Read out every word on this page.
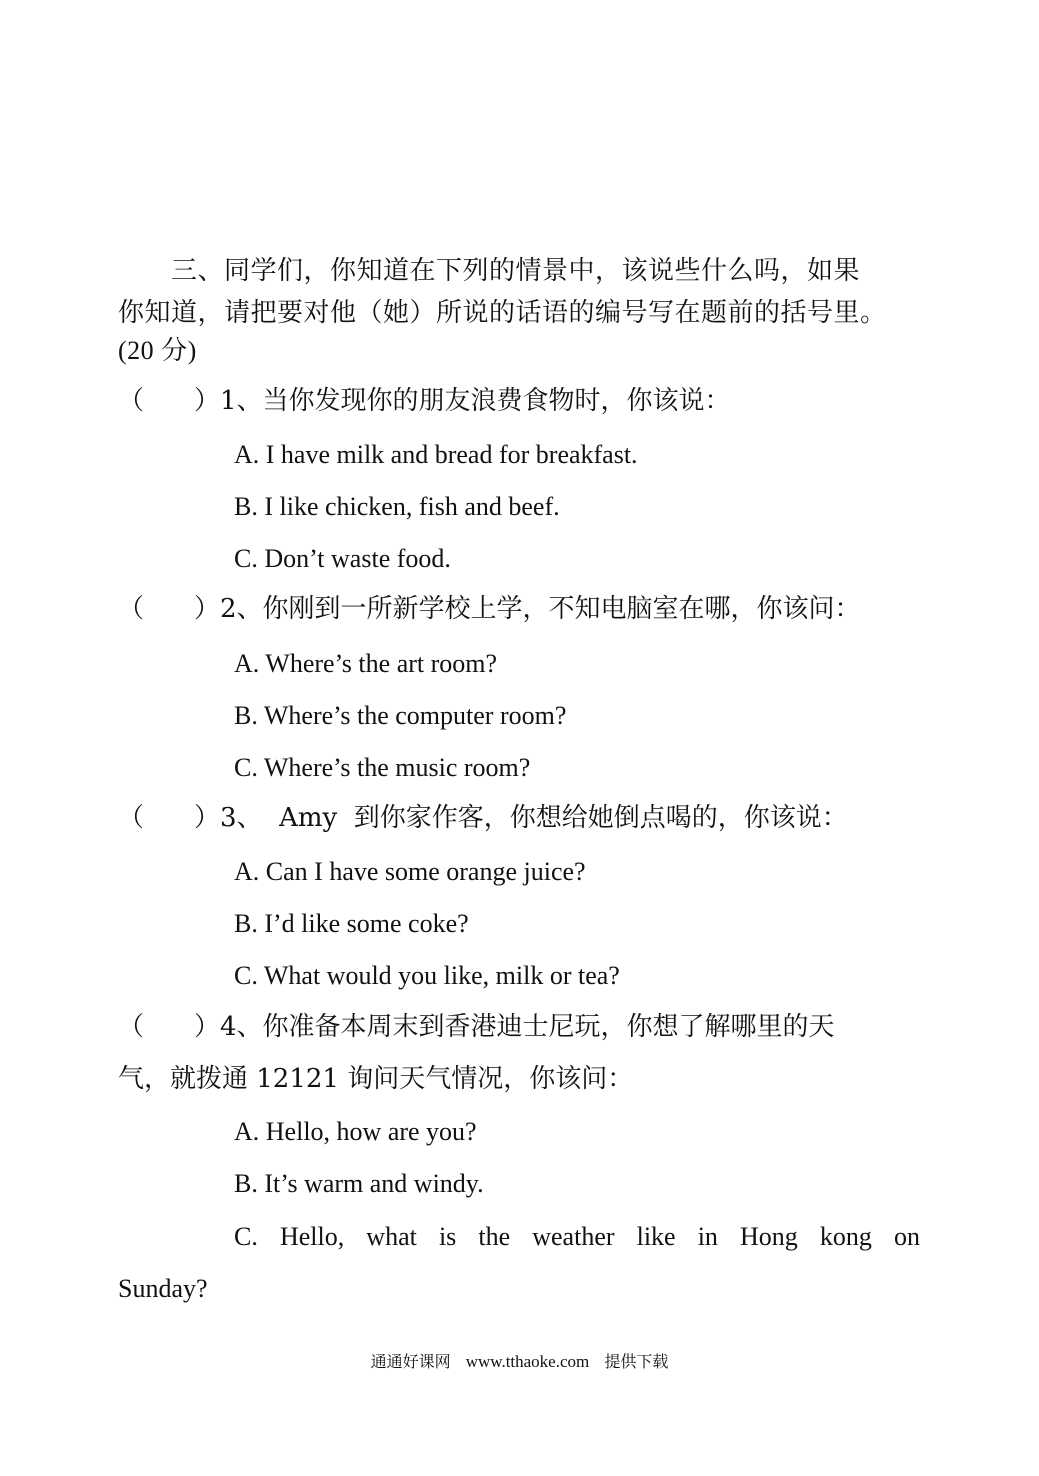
　　三、同学们，你知道在下列的情景中，该说些什么吗，如果
你知道，请把要对他（她）所说的话语的编号写在题前的括号里。
(20 分)
（ ）1、当你发现你的朋友浪费食物时，你该说：
A. I have milk and bread for breakfast.
B. I like chicken, fish and beef.
C. Don’t waste food.
（ ）2、你刚到一所新学校上学，不知电脑室在哪，你该问：
A. Where’s the art room?
B. Where’s the computer room?
C. Where’s the music room?
（ ）3、  Amy  到你家作客，你想给她倒点喝的，你该说：
A. Can I have some orange juice?
B. I’d like some coke?
C. What would you like, milk or tea?
（ ）4、你准备本周末到香港迪士尼玩，你想了解哪里的天
气，就拨通 12121 询问天气情况，你该问：
A. Hello, how are you?
B. It’s warm and windy.
C. Hello, what is the weather like in Hong kong on
Sunday?
通通好课网 www.tthaoke.com 提供下载
